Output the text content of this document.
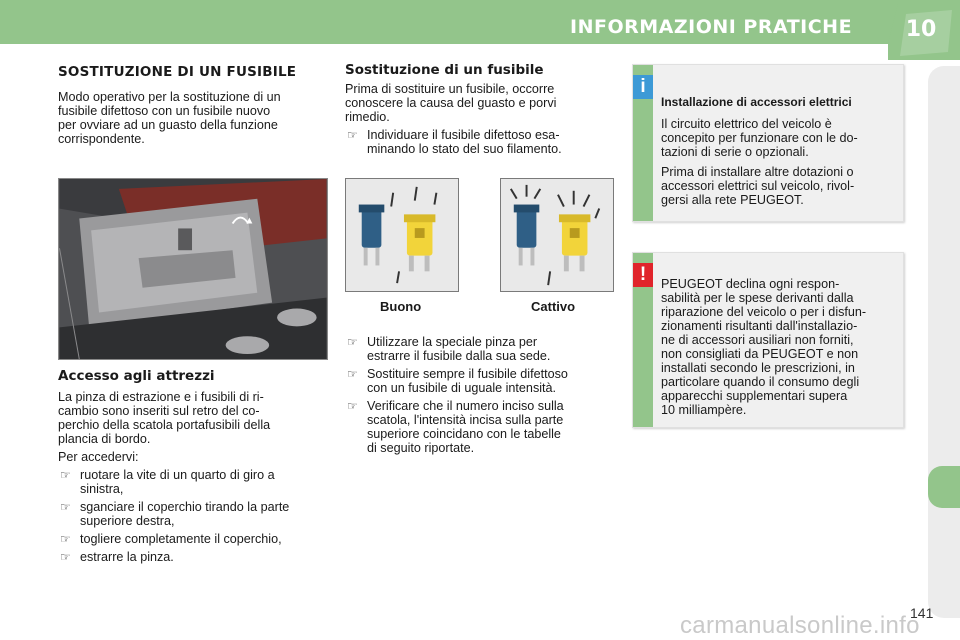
INFORMAZIONI PRATICHE 10
SOSTITUZIONE DI UN FUSIBILE
Modo operativo per la sostituzione di un
fusibile difettoso con un fusibile nuovo
per ovviare ad un guasto della funzione
corrispondente.
Accesso agli attrezzi
La pinza di estrazione e i fusibili di ri-
cambio sono inseriti sul retro del co-
perchio della scatola portafusibili della
plancia di bordo.
Per accedervi:
☞ ruotare la vite di un quarto di giro a
sinistra,
☞ sganciare il coperchio tirando la parte
superiore destra,
☞ togliere completamente il coperchio,
☞ estrarre la pinza.
Sostituzione di un fusibile
Prima di sostituire un fusibile, occorre
conoscere la causa del guasto e porvi
rimedio.
☞ Individuare il fusibile difettoso esa-
minando lo stato del suo filamento.
Buono	Cattivo
☞ Utilizzare la speciale pinza per
estrarre il fusibile dalla sua sede.
☞ Sostituire sempre il fusibile difettoso
con un fusibile di uguale intensità.
☞ Verificare che il numero inciso sulla
scatola, l'intensità incisa sulla parte
superiore coincidano con le tabelle
di seguito riportate.
i
Installazione di accessori elettrici
Il circuito elettrico del veicolo è
concepito per funzionare con le do-
tazioni di serie o opzionali.
Prima di installare altre dotazioni o
accessori elettrici sul veicolo, rivol-
gersi alla rete PEUGEOT.
!	PEUGEOT declina ogni respon-
sabilità per le spese derivanti dalla
riparazione del veicolo o per i disfun-
zionamenti risultanti dall'installazio-
ne di accessori ausiliari non forniti,
non consigliati da PEUGEOT e non
installati secondo le prescrizioni, in
particolare quando il consumo degli
apparecchi supplementari supera
10 milliampère.
carmanualsonline.info
141
